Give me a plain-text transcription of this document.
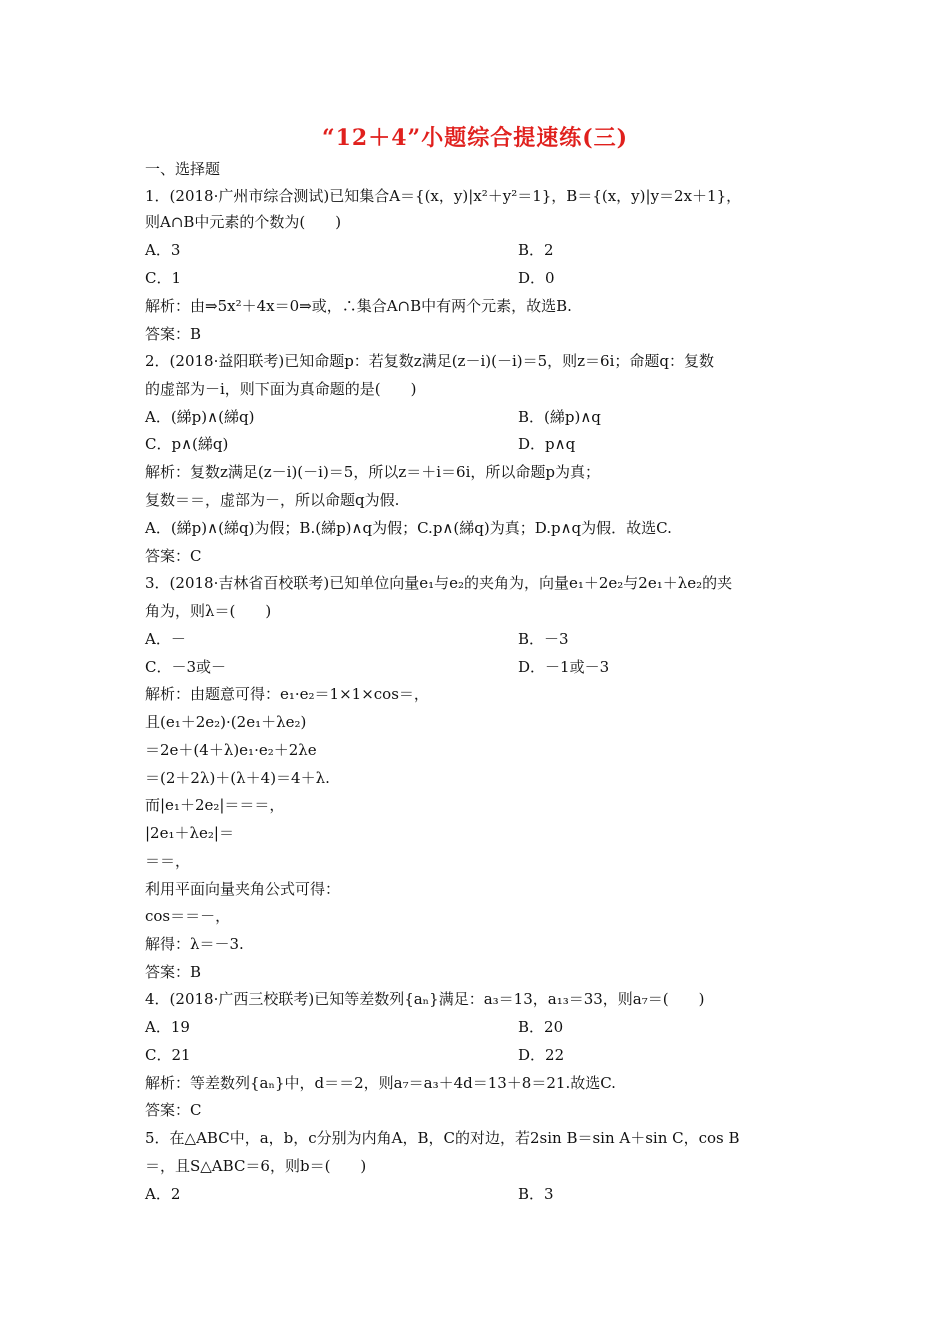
“12＋4”小题综合提速练(三)
一、选择题
1．(2018·广州市综合测试)已知集合A＝{(x，y)|x²＋y²＝1}，B＝{(x，y)|y＝2x＋1}，
则A∩B中元素的个数为(　　)
A．3
C．1
解析：由⇒5x²＋4x＝0⇒或，∴集合A∩B中有两个元素，故选B.
答案：B
2．(2018·益阳联考)已知命题p：若复数z满足(z－i)(－i)＝5，则z＝6i；命题q：复数
的虚部为－i，则下面为真命题的是(　　)
A．(綈p)∧(綈q)
C．p∧(綈q)
解析：复数z满足(z－i)(－i)＝5，所以z＝＋i＝6i，所以命题p为真；
复数＝＝，虚部为－，所以命题q为假.
A．(綈p)∧(綈q)为假；B.(綈p)∧q为假；C.p∧(綈q)为真；D.p∧q为假．故选C.
答案：C
3．(2018·吉林省百校联考)已知单位向量e₁与e₂的夹角为，向量e₁＋2e₂与2e₁＋λe₂的夹
角为，则λ＝(　　)
A．－
C．－3或－
解析：由题意可得：e₁·e₂＝1×1×cos＝，
且(e₁＋2e₂)·(2e₁＋λe₂)
＝2e＋(4＋λ)e₁·e₂＋2λe
＝(2＋2λ)＋(λ＋4)＝4＋λ.
而|e₁＋2e₂|＝＝＝，
|2e₁＋λe₂|＝
＝＝，
利用平面向量夹角公式可得：
cos＝＝－，
解得：λ＝－3.
答案：B
4．(2018·广西三校联考)已知等差数列{aₙ}满足：a₃＝13，a₁₃＝33，则a₇＝(　　)
A．19
C．21
解析：等差数列{aₙ}中，d＝＝2，则a₇＝a₃＋4d＝13＋8＝21.故选C.
答案：C
5．在△ABC中，a，b，c分别为内角A，B，C的对边，若2sin B＝sin A＋sin C，cos B
＝，且S△ABC＝6，则b＝(　　)
A．2
B．2
D．0
B．(綈p)∧q
D．p∧q
B．－3
D．－1或－3
B．20
D．22
B．3
